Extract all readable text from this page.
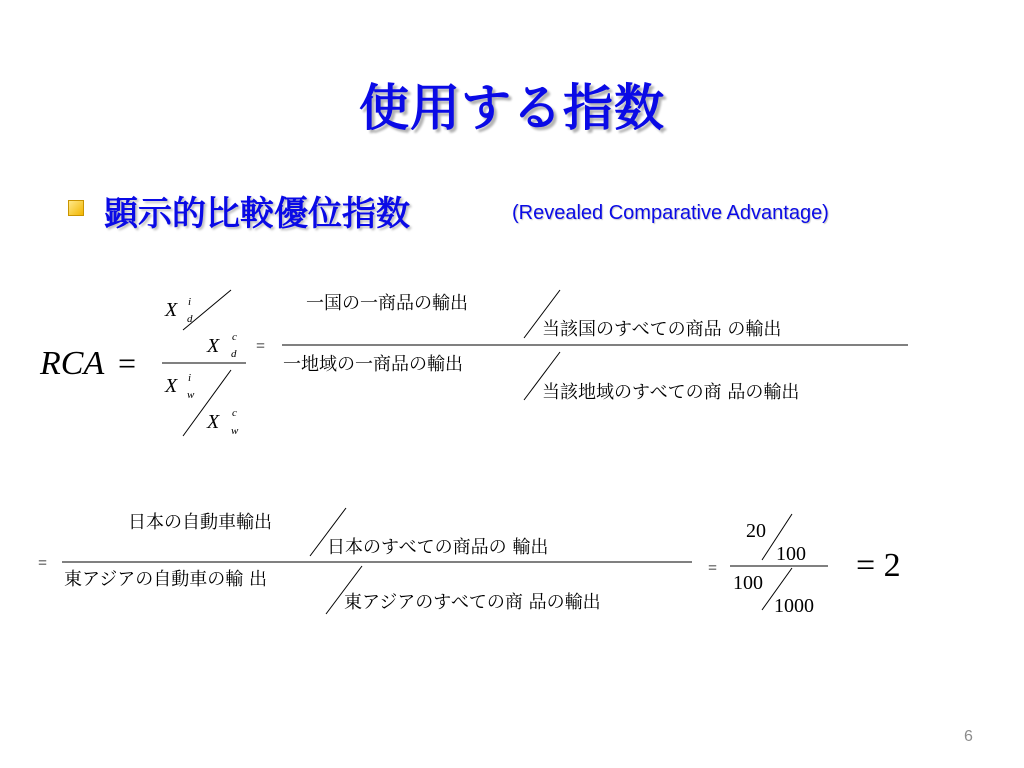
使用する指数
顕示的比較優位指数	(Revealed Comparative Advantage)
RCA =
X i
d
X c
d
X i
w
X c
w
=
一国の一商品の輸出
当該国のすべての商品 の輸出
一地域の一商品の輸出
当該地域のすべての商 品の輸出
=
日本の自動車輸出
日本のすべての商品の 輸出
東アジアの自動車の輸 出
東アジアのすべての商 品の輸出
=
20
100
100
1000
= 2
6
